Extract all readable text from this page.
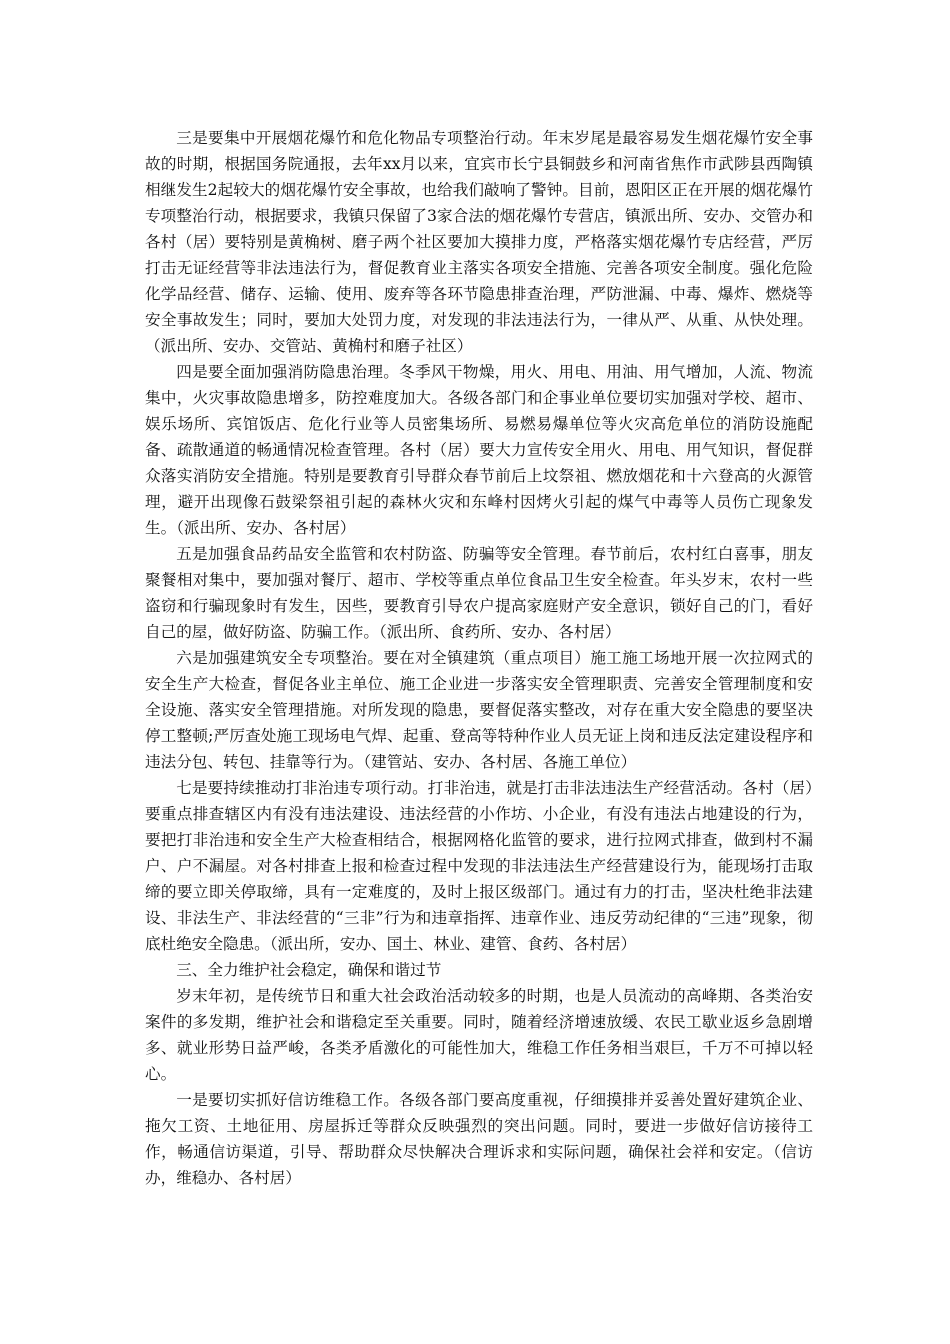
三是要集中开展烟花爆竹和危化物品专项整治行动。年末岁尾是最容易发生烟花爆竹安全事故的时期，根据国务院通报，去年xx月以来，宜宾市长宁县铜鼓乡和河南省焦作市武陟县西陶镇相继发生2起较大的烟花爆竹安全事故，也给我们敲响了警钟。目前，恩阳区正在开展的烟花爆竹专项整治行动，根据要求，我镇只保留了3家合法的烟花爆竹专营店，镇派出所、安办、交管办和各村（居）要特别是黄桷树、磨子两个社区要加大摸排力度，严格落实烟花爆竹专店经营，严厉打击无证经营等非法违法行为，督促教育业主落实各项安全措施、完善各项安全制度。强化危险化学品经营、储存、运输、使用、废弃等各环节隐患排查治理，严防泄漏、中毒、爆炸、燃烧等安全事故发生；同时，要加大处罚力度，对发现的非法违法行为，一律从严、从重、从快处理。（派出所、安办、交管站、黄桷村和磨子社区）

四是要全面加强消防隐患治理。冬季风干物燥，用火、用电、用油、用气增加，人流、物流集中，火灾事故隐患增多，防控难度加大。各级各部门和企事业单位要切实加强对学校、超市、娱乐场所、宾馆饭店、危化行业等人员密集场所、易燃易爆单位等火灾高危单位的消防设施配备、疏散通道的畅通情况检查管理。各村（居）要大力宣传安全用火、用电、用气知识，督促群众落实消防安全措施。特别是要教育引导群众春节前后上坟祭祖、燃放烟花和十六登高的火源管理，避开出现像石鼓梁祭祖引起的森林火灾和东峰村因烤火引起的煤气中毒等人员伤亡现象发生。（派出所、安办、各村居）

五是加强食品药品安全监管和农村防盗、防骗等安全管理。春节前后，农村红白喜事，朋友聚餐相对集中，要加强对餐厅、超市、学校等重点单位食品卫生安全检查。年头岁末，农村一些盗窃和行骗现象时有发生，因些，要教育引导农户提高家庭财产安全意识，锁好自己的门，看好自己的屋，做好防盗、防骗工作。（派出所、食药所、安办、各村居）

六是加强建筑安全专项整治。要在对全镇建筑（重点项目）施工施工场地开展一次拉网式的安全生产大检查，督促各业主单位、施工企业进一步落实安全管理职责、完善安全管理制度和安全设施、落实安全管理措施。对所发现的隐患，要督促落实整改，对存在重大安全隐患的要坚决停工整顿;严厉查处施工现场电气焊、起重、登高等特种作业人员无证上岗和违反法定建设程序和违法分包、转包、挂靠等行为。（建管站、安办、各村居、各施工单位）

七是要持续推动打非治违专项行动。打非治违，就是打击非法违法生产经营活动。各村（居）要重点排查辖区内有没有违法建设、违法经营的小作坊、小企业，有没有违法占地建设的行为，要把打非治违和安全生产大检查相结合，根据网格化监管的要求，进行拉网式排查，做到村不漏户、户不漏屋。对各村排查上报和检查过程中发现的非法违法生产经营建设行为，能现场打击取缔的要立即关停取缔，具有一定难度的，及时上报区级部门。通过有力的打击，坚决杜绝非法建设、非法生产、非法经营的“三非”行为和违章指挥、违章作业、违反劳动纪律的“三违”现象，彻底杜绝安全隐患。（派出所，安办、国土、林业、建管、食药、各村居）

三、全力维护社会稳定，确保和谐过节

岁末年初，是传统节日和重大社会政治活动较多的时期，也是人员流动的高峰期、各类治安案件的多发期，维护社会和谐稳定至关重要。同时，随着经济增速放缓、农民工歇业返乡急剧增多、就业形势日益严峻，各类矛盾激化的可能性加大，维稳工作任务相当艰巨，千万不可掉以轻心。

一是要切实抓好信访维稳工作。各级各部门要高度重视，仔细摸排并妥善处置好建筑企业、拖欠工资、土地征用、房屋拆迁等群众反映强烈的突出问题。同时，要进一步做好信访接待工作，畅通信访渠道，引导、帮助群众尽快解决合理诉求和实际问题，确保社会祥和安定。（信访办，维稳办、各村居）
